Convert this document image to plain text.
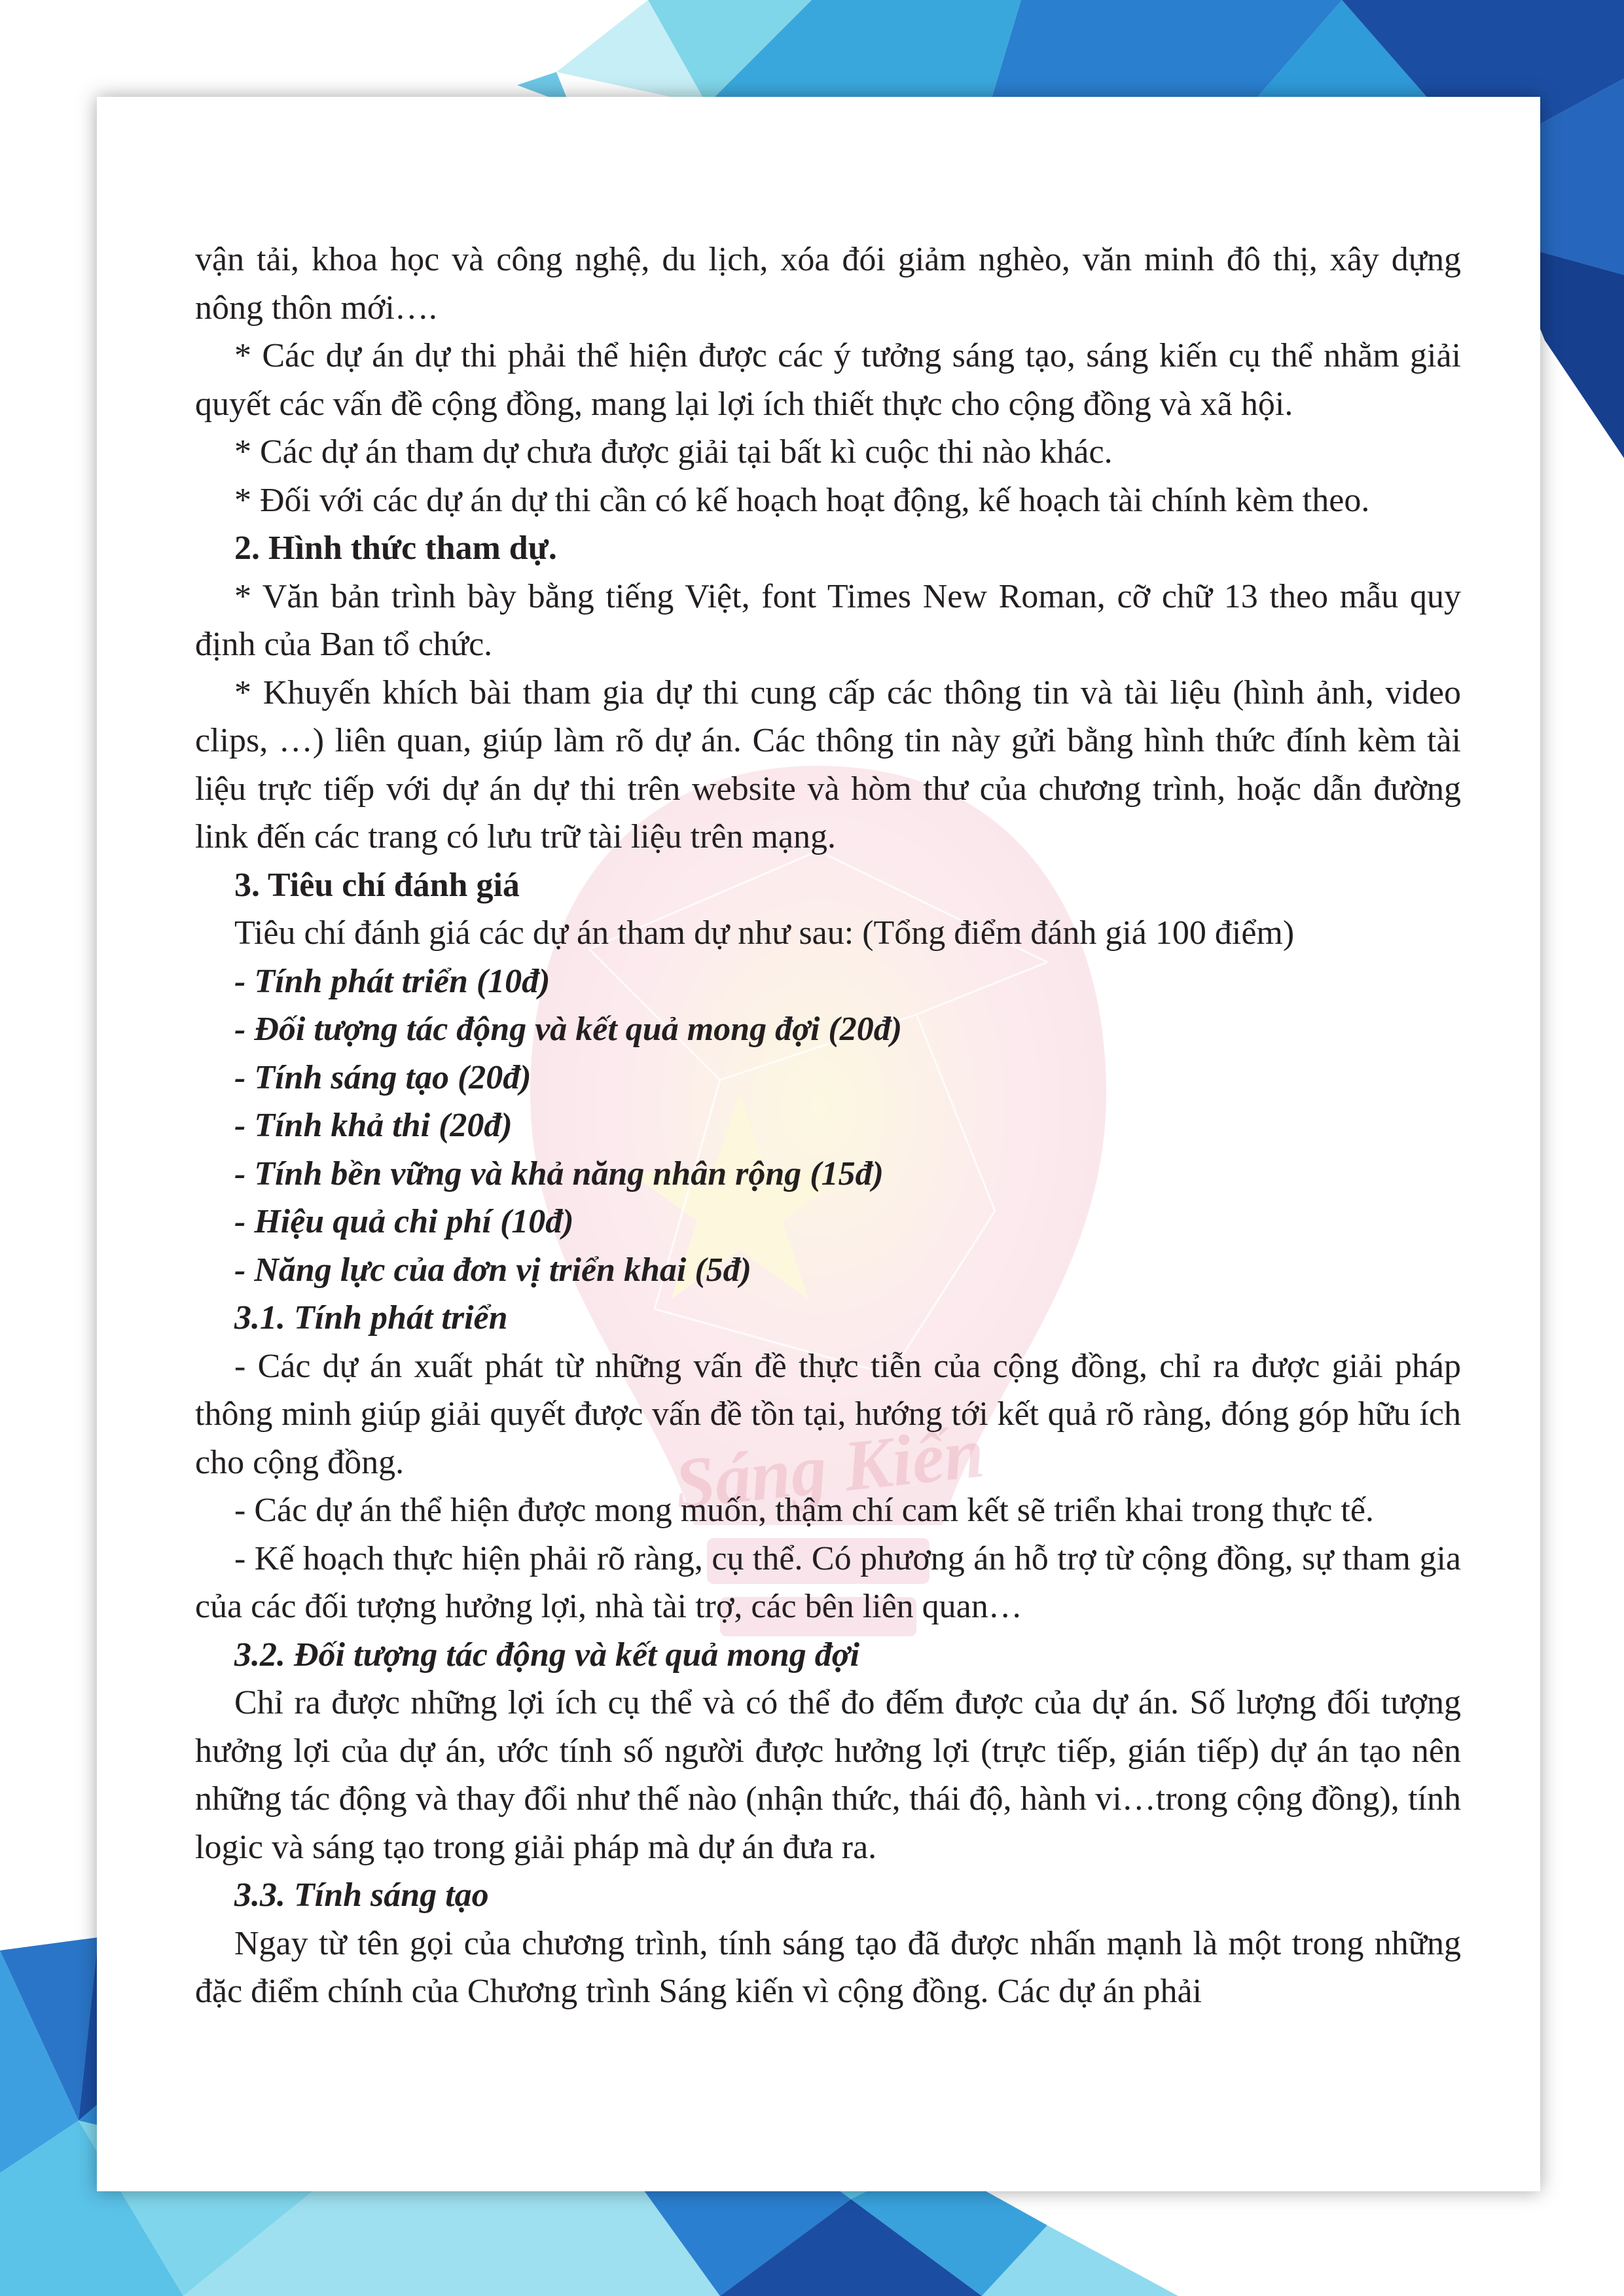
Sáng Kiến

vận tải, khoa học và công nghệ, du lịch, xóa đói giảm nghèo, văn minh đô thị, xây dựng nông thôn mới….

* Các dự án dự thi phải thể hiện được các ý tưởng sáng tạo, sáng kiến cụ thể nhằm giải quyết các vấn đề cộng đồng, mang lại lợi ích thiết thực cho cộng đồng và xã hội.

* Các dự án tham dự chưa được giải tại bất kì cuộc thi nào khác.

* Đối với các dự án dự thi cần có kế hoạch hoạt động, kế hoạch tài chính kèm theo.

2. Hình thức tham dự.

* Văn bản trình bày bằng tiếng Việt, font Times New Roman, cỡ chữ 13 theo mẫu quy định của Ban tổ chức.

* Khuyến khích bài tham gia dự thi cung cấp các thông tin và tài liệu (hình ảnh, video clips, …) liên quan, giúp làm rõ dự án. Các thông tin này gửi bằng hình thức đính kèm tài liệu trực tiếp với dự án dự thi trên website và hòm thư của chương trình, hoặc dẫn đường link đến các trang có lưu trữ tài liệu trên mạng.

3. Tiêu chí đánh giá

Tiêu chí đánh giá các dự án tham dự như sau: (Tổng điểm đánh giá 100 điểm)

- Tính phát triển (10đ)

- Đối tượng tác động và kết quả mong đợi (20đ)

- Tính sáng tạo (20đ)

- Tính khả thi (20đ)

- Tính bền vững và khả năng nhân rộng (15đ)

- Hiệu quả chi phí (10đ)

- Năng lực của đơn vị triển khai (5đ)

3.1. Tính phát triển

- Các dự án xuất phát từ những vấn đề thực tiễn của cộng đồng, chỉ ra được giải pháp thông minh giúp giải quyết được vấn đề tồn tại, hướng tới kết quả rõ ràng, đóng góp hữu ích cho cộng đồng.

- Các dự án thể hiện được mong muốn, thậm chí cam kết sẽ triển khai trong thực tế.

- Kế hoạch thực hiện phải rõ ràng, cụ thể. Có phương án hỗ trợ từ cộng đồng, sự tham gia của các đối tượng hưởng lợi, nhà tài trợ, các bên liên quan…

3.2. Đối tượng tác động và kết quả mong đợi

Chỉ ra được những lợi ích cụ thể và có thể đo đếm được của dự án. Số lượng đối tượng hưởng lợi của dự án, ước tính số người được hưởng lợi (trực tiếp, gián tiếp) dự án tạo nên những tác động và thay đổi như thế nào (nhận thức, thái độ, hành vi…trong cộng đồng), tính logic và sáng tạo trong giải pháp mà dự án đưa ra.

3.3. Tính sáng tạo

Ngay từ tên gọi của chương trình, tính sáng tạo đã được nhấn mạnh là một trong những đặc điểm chính của Chương trình Sáng kiến vì cộng đồng. Các dự án phải
